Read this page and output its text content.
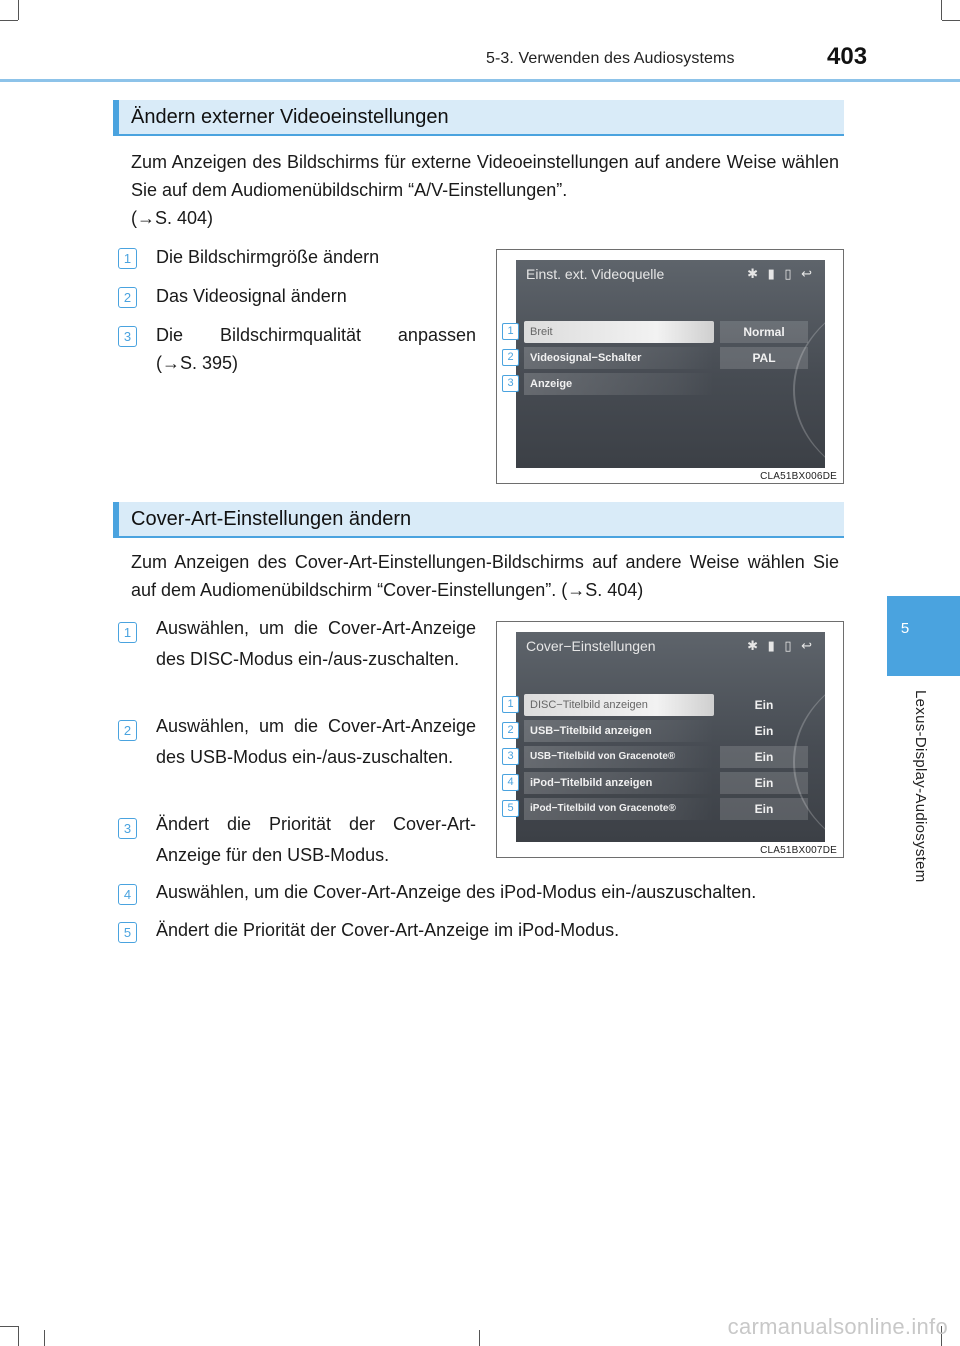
5-3. Verwenden des Audiosystems	403
5
Lexus-Display-Audiosystem
Ändern externer Videoeinstellungen
Zum Anzeigen des Bildschirms für externe Videoeinstellungen auf andere Weise wählen Sie auf dem Audiomenübildschirm “A/V-Einstellungen”.
(→S. 404)
1	Die Bildschirmgröße ändern
2	Das Videosignal ändern
3	Die Bildschirmqualität anpassen
(→S. 395)
Einst. ext. Videoquelle	✱ ▮ ▯ ↩
Breit	Normal
Videosignal−Schalter	PAL
Anzeige
1
2
3
CLA51BX006DE
Cover-Art-Einstellungen ändern
Zum Anzeigen des Cover-Art-Einstellungen-Bildschirms auf andere Weise wählen Sie auf dem Audiomenübildschirm “Cover-Einstellungen”. (→S. 404)
1	Auswählen, um die Cover-Art-Anzeige des DISC-Modus ein-/aus-zuschalten.
2	Auswählen, um die Cover-Art-Anzeige des USB-Modus ein-/aus-zuschalten.
3	Ändert die Priorität der Cover-Art-Anzeige für den USB-Modus.
4	Auswählen, um die Cover-Art-Anzeige des iPod-Modus ein-/auszuschalten.
5	Ändert die Priorität der Cover-Art-Anzeige im iPod-Modus.
Cover−Einstellungen	✱ ▮ ▯ ↩
DISC−Titelbild anzeigen	Ein
USB−Titelbild anzeigen	Ein
USB−Titelbild von Gracenote®	Ein
iPod−Titelbild anzeigen	Ein
iPod−Titelbild von Gracenote®	Ein
1
2
3
4
5
CLA51BX007DE
carmanualsonline.info
